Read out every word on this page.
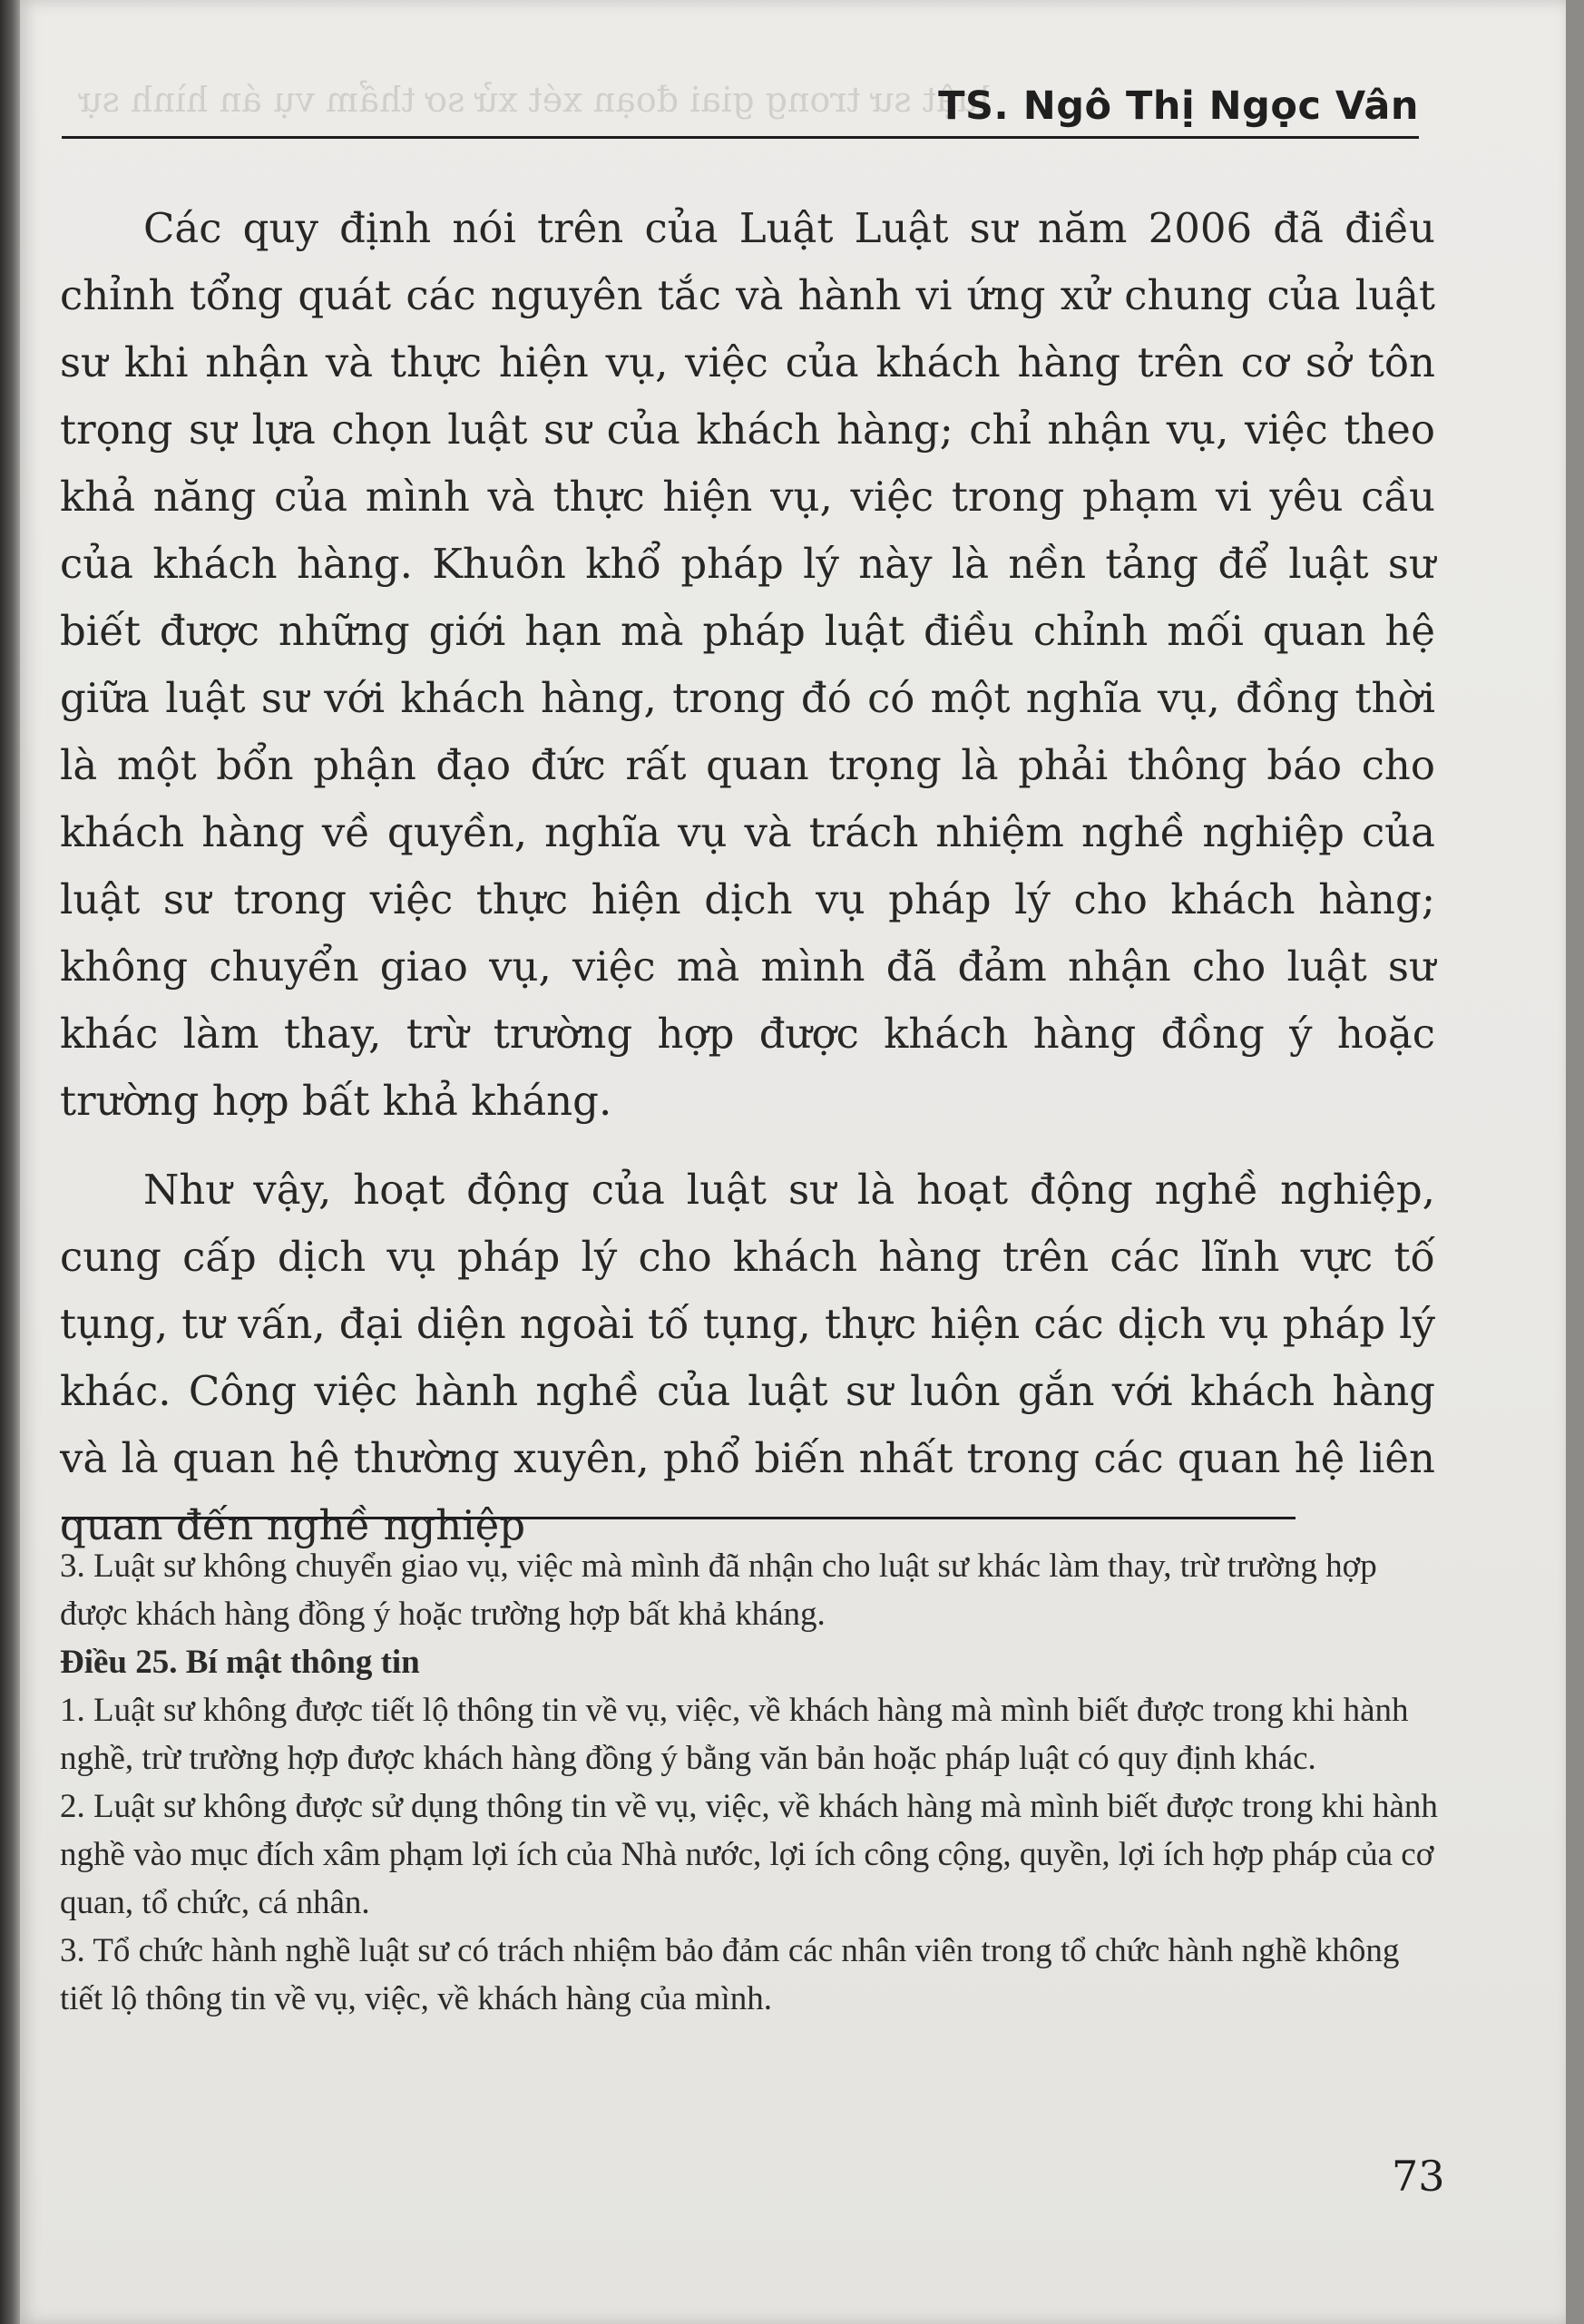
luật sư trong giai đoạn xét xử sơ thẩm vụ án hình sự
TS. Ngô Thị Ngọc Vân

Các quy định nói trên của Luật Luật sư năm 2006 đã điều chỉnh tổng quát các nguyên tắc và hành vi ứng xử chung của luật sư khi nhận và thực hiện vụ, việc của khách hàng trên cơ sở tôn trọng sự lựa chọn luật sư của khách hàng; chỉ nhận vụ, việc theo khả năng của mình và thực hiện vụ, việc trong phạm vi yêu cầu của khách hàng. Khuôn khổ pháp lý này là nền tảng để luật sư biết được những giới hạn mà pháp luật điều chỉnh mối quan hệ giữa luật sư với khách hàng, trong đó có một nghĩa vụ, đồng thời là một bổn phận đạo đức rất quan trọng là phải thông báo cho khách hàng về quyền, nghĩa vụ và trách nhiệm nghề nghiệp của luật sư trong việc thực hiện dịch vụ pháp lý cho khách hàng; không chuyển giao vụ, việc mà mình đã đảm nhận cho luật sư khác làm thay, trừ trường hợp được khách hàng đồng ý hoặc trường hợp bất khả kháng.

Như vậy, hoạt động của luật sư là hoạt động nghề nghiệp, cung cấp dịch vụ pháp lý cho khách hàng trên các lĩnh vực tố tụng, tư vấn, đại diện ngoài tố tụng, thực hiện các dịch vụ pháp lý khác. Công việc hành nghề của luật sư luôn gắn với khách hàng và là quan hệ thường xuyên, phổ biến nhất trong các quan hệ liên quan đến nghề nghiệp

3. Luật sư không chuyển giao vụ, việc mà mình đã nhận cho luật sư khác làm thay, trừ trường hợp được khách hàng đồng ý hoặc trường hợp bất khả kháng.

Điều 25. Bí mật thông tin

1. Luật sư không được tiết lộ thông tin về vụ, việc, về khách hàng mà mình biết được trong khi hành nghề, trừ trường hợp được khách hàng đồng ý bằng văn bản hoặc pháp luật có quy định khác.

2. Luật sư không được sử dụng thông tin về vụ, việc, về khách hàng mà mình biết được trong khi hành nghề vào mục đích xâm phạm lợi ích của Nhà nước, lợi ích công cộng, quyền, lợi ích hợp pháp của cơ quan, tổ chức, cá nhân.

3. Tổ chức hành nghề luật sư có trách nhiệm bảo đảm các nhân viên trong tổ chức hành nghề không tiết lộ thông tin về vụ, việc, về khách hàng của mình.

73
